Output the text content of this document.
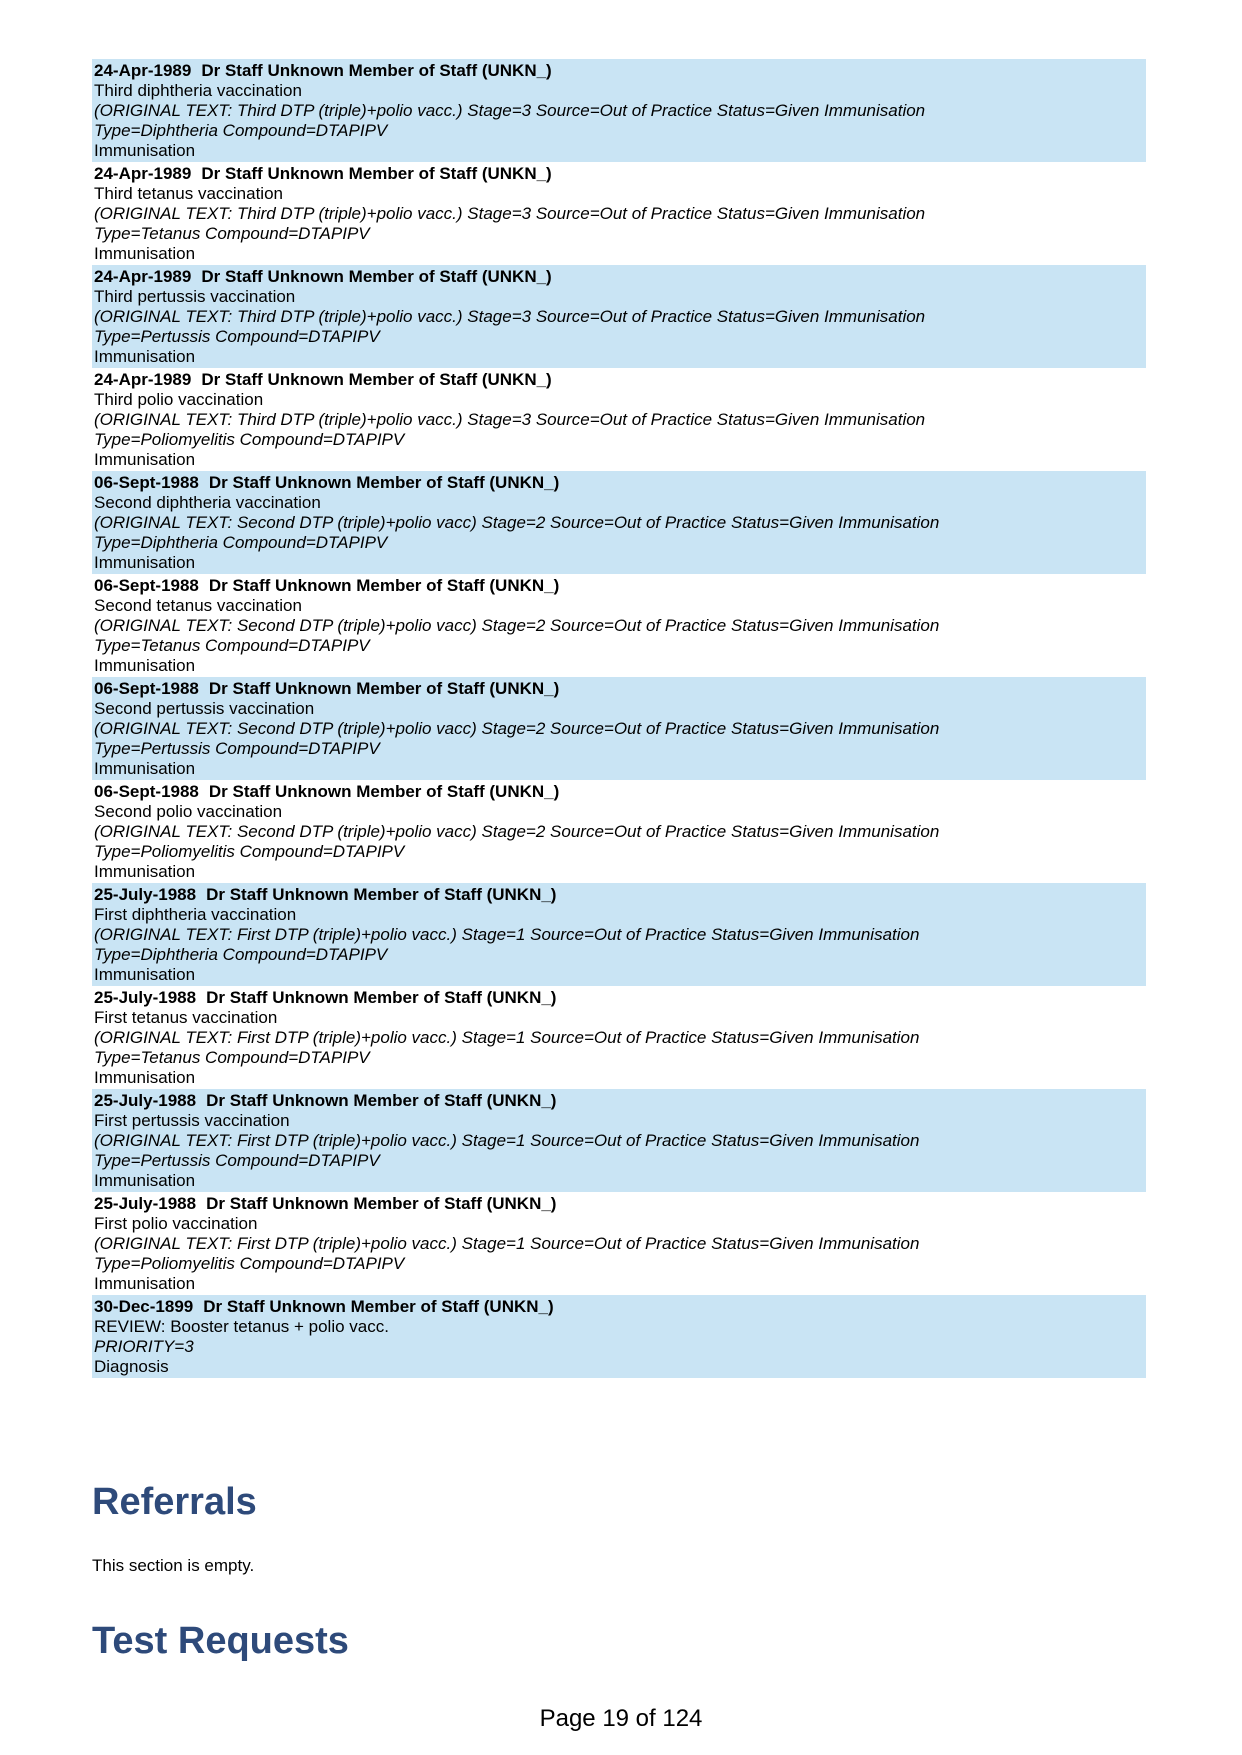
24-Apr-1989 Dr Staff Unknown Member of Staff (UNKN_)
Third diphtheria vaccination
(ORIGINAL TEXT: Third DTP (triple)+polio vacc.) Stage=3 Source=Out of Practice Status=Given Immunisation
Type=Diphtheria Compound=DTAPIPV
Immunisation
24-Apr-1989 Dr Staff Unknown Member of Staff (UNKN_)
Third tetanus vaccination
(ORIGINAL TEXT: Third DTP (triple)+polio vacc.) Stage=3 Source=Out of Practice Status=Given Immunisation
Type=Tetanus Compound=DTAPIPV
Immunisation
24-Apr-1989 Dr Staff Unknown Member of Staff (UNKN_)
Third pertussis vaccination
(ORIGINAL TEXT: Third DTP (triple)+polio vacc.) Stage=3 Source=Out of Practice Status=Given Immunisation
Type=Pertussis Compound=DTAPIPV
Immunisation
24-Apr-1989 Dr Staff Unknown Member of Staff (UNKN_)
Third polio vaccination
(ORIGINAL TEXT: Third DTP (triple)+polio vacc.) Stage=3 Source=Out of Practice Status=Given Immunisation
Type=Poliomyelitis Compound=DTAPIPV
Immunisation
06-Sept-1988 Dr Staff Unknown Member of Staff (UNKN_)
Second diphtheria vaccination
(ORIGINAL TEXT: Second DTP (triple)+polio vacc) Stage=2 Source=Out of Practice Status=Given Immunisation
Type=Diphtheria Compound=DTAPIPV
Immunisation
06-Sept-1988 Dr Staff Unknown Member of Staff (UNKN_)
Second tetanus vaccination
(ORIGINAL TEXT: Second DTP (triple)+polio vacc) Stage=2 Source=Out of Practice Status=Given Immunisation
Type=Tetanus Compound=DTAPIPV
Immunisation
06-Sept-1988 Dr Staff Unknown Member of Staff (UNKN_)
Second pertussis vaccination
(ORIGINAL TEXT: Second DTP (triple)+polio vacc) Stage=2 Source=Out of Practice Status=Given Immunisation
Type=Pertussis Compound=DTAPIPV
Immunisation
06-Sept-1988 Dr Staff Unknown Member of Staff (UNKN_)
Second polio vaccination
(ORIGINAL TEXT: Second DTP (triple)+polio vacc) Stage=2 Source=Out of Practice Status=Given Immunisation
Type=Poliomyelitis Compound=DTAPIPV
Immunisation
25-July-1988 Dr Staff Unknown Member of Staff (UNKN_)
First diphtheria vaccination
(ORIGINAL TEXT: First DTP (triple)+polio vacc.) Stage=1 Source=Out of Practice Status=Given Immunisation
Type=Diphtheria Compound=DTAPIPV
Immunisation
25-July-1988 Dr Staff Unknown Member of Staff (UNKN_)
First tetanus vaccination
(ORIGINAL TEXT: First DTP (triple)+polio vacc.) Stage=1 Source=Out of Practice Status=Given Immunisation
Type=Tetanus Compound=DTAPIPV
Immunisation
25-July-1988 Dr Staff Unknown Member of Staff (UNKN_)
First pertussis vaccination
(ORIGINAL TEXT: First DTP (triple)+polio vacc.) Stage=1 Source=Out of Practice Status=Given Immunisation
Type=Pertussis Compound=DTAPIPV
Immunisation
25-July-1988 Dr Staff Unknown Member of Staff (UNKN_)
First polio vaccination
(ORIGINAL TEXT: First DTP (triple)+polio vacc.) Stage=1 Source=Out of Practice Status=Given Immunisation
Type=Poliomyelitis Compound=DTAPIPV
Immunisation
30-Dec-1899 Dr Staff Unknown Member of Staff (UNKN_)
REVIEW: Booster tetanus + polio vacc.
PRIORITY=3
Diagnosis
Referrals
This section is empty.
Test Requests
Page 19 of 124
